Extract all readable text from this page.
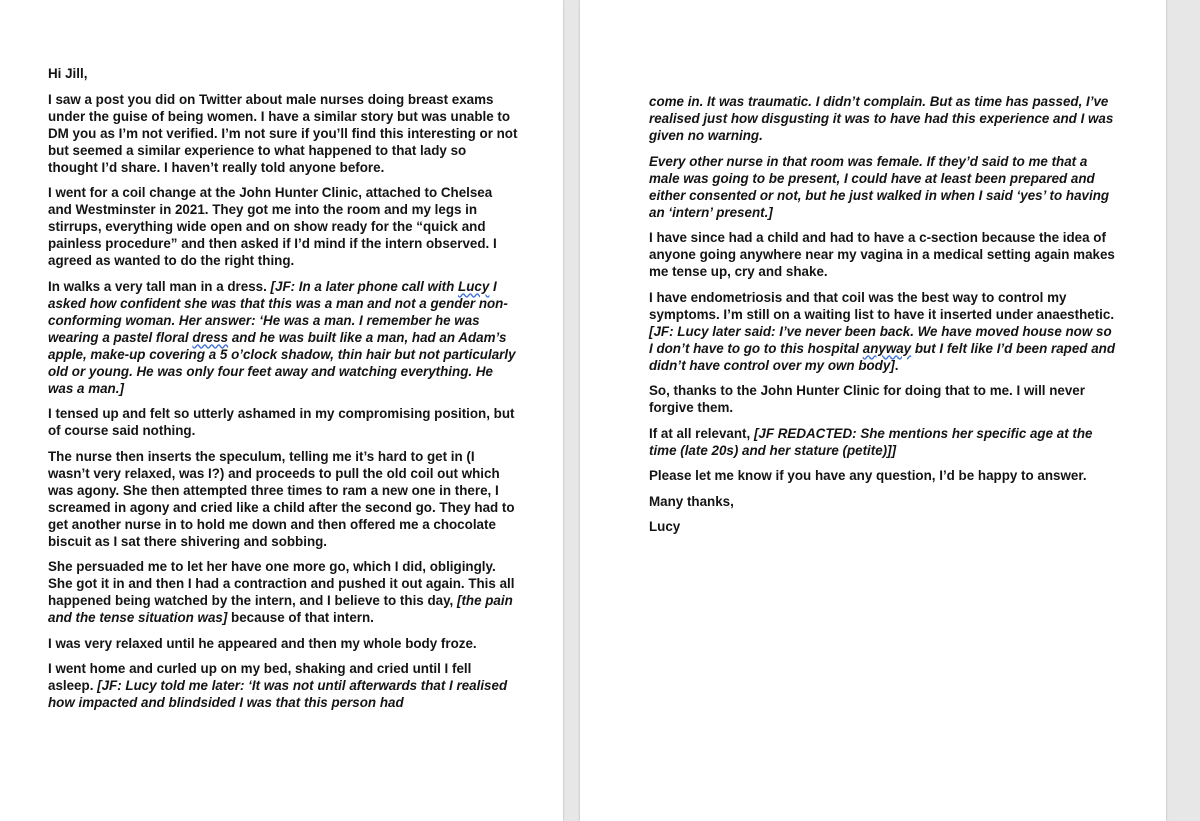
Hi Jill,

I saw a post you did on Twitter about male nurses doing breast exams under the guise of being women. I have a similar story but was unable to DM you as I’m not verified. I’m not sure if you’ll find this interesting or not but seemed a similar experience to what happened to that lady so thought I’d share. I haven’t really told anyone before.

I went for a coil change at the John Hunter Clinic, attached to Chelsea and Westminster in 2021. They got me into the room and my legs in stirrups, everything wide open and on show ready for the “quick and painless procedure” and then asked if I’d mind if the intern observed. I agreed as wanted to do the right thing.

In walks a very tall man in a dress. [JF: In a later phone call with Lucy I asked how confident she was that this was a man and not a gender non-conforming woman. Her answer: ‘He was a man. I remember he was wearing a pastel floral dress and he was built like a man, had an Adam’s apple, make-up covering a 5 o’clock shadow, thin hair but not particularly old or young. He was only four feet away and watching everything. He was a man.]

I tensed up and felt so utterly ashamed in my compromising position, but of course said nothing.

The nurse then inserts the speculum, telling me it’s hard to get in (I wasn’t very relaxed, was I?) and proceeds to pull the old coil out which was agony. She then attempted three times to ram a new one in there, I screamed in agony and cried like a child after the second go. They had to get another nurse in to hold me down and then offered me a chocolate biscuit as I sat there shivering and sobbing.

She persuaded me to let her have one more go, which I did, obligingly. She got it in and then I had a contraction and pushed it out again. This all happened being watched by the intern, and I believe to this day, [the pain and the tense situation was] because of that intern.

I was very relaxed until he appeared and then my whole body froze.

I went home and curled up on my bed, shaking and cried until I fell asleep. [JF: Lucy told me later: ‘It was not until afterwards that I realised how impacted and blindsided I was that this person had

come in. It was traumatic. I didn’t complain. But as time has passed, I’ve realised just how disgusting it was to have had this experience and I was given no warning.

Every other nurse in that room was female. If they’d said to me that a male was going to be present, I could have at least been prepared and either consented or not, but he just walked in when I said ‘yes’ to having an ‘intern’ present.]

I have since had a child and had to have a c-section because the idea of anyone going anywhere near my vagina in a medical setting again makes me tense up, cry and shake.

I have endometriosis and that coil was the best way to control my symptoms. I’m still on a waiting list to have it inserted under anaesthetic. [JF: Lucy later said: I’ve never been back. We have moved house now so I don’t have to go to this hospital anyway but I felt like I’d been raped and didn’t have control over my own body].

So, thanks to the John Hunter Clinic for doing that to me. I will never forgive them.

If at all relevant, [JF REDACTED: She mentions her specific age at the time (late 20s) and her stature (petite)]]

Please let me know if you have any question, I’d be happy to answer.

Many thanks,

Lucy
